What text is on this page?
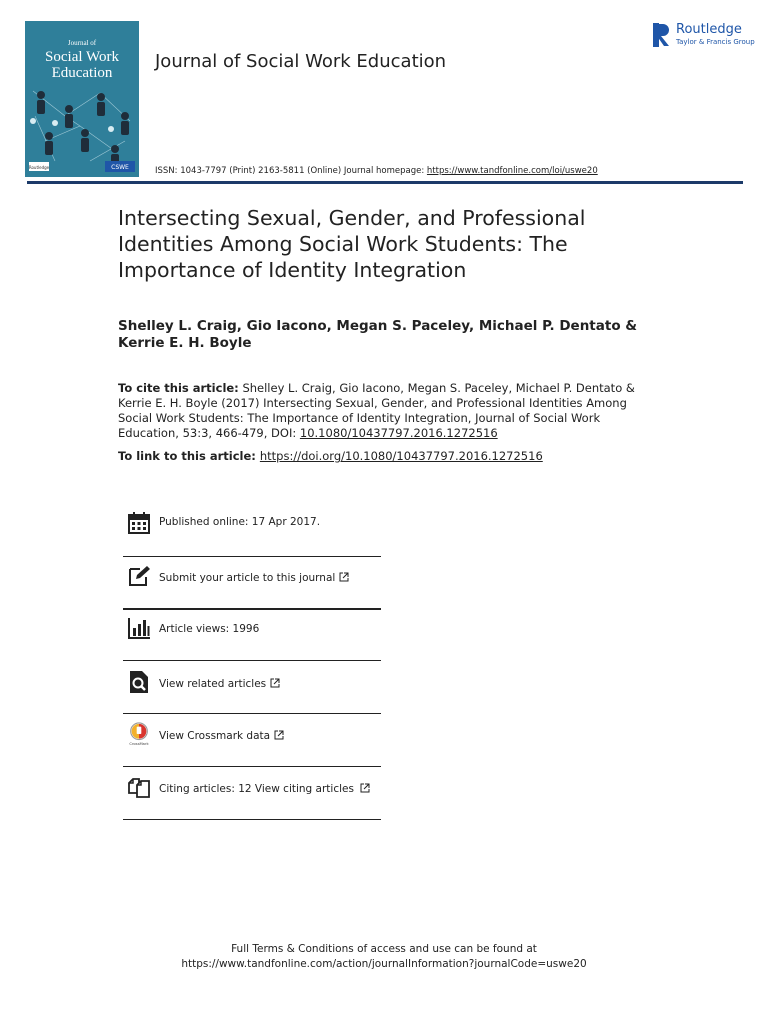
Journal of
Social Work
Education
Routledge	CSWE
Journal of Social Work Education
Routledge
Taylor & Francis Group
ISSN: 1043-7797 (Print) 2163-5811 (Online) Journal homepage: https://www.tandfonline.com/loi/uswe20
Intersecting Sexual, Gender, and Professional Identities Among Social Work Students: The Importance of Identity Integration
Shelley L. Craig, Gio Iacono, Megan S. Paceley, Michael P. Dentato & Kerrie E. H. Boyle
To cite this article: Shelley L. Craig, Gio Iacono, Megan S. Paceley, Michael P. Dentato & Kerrie E. H. Boyle (2017) Intersecting Sexual, Gender, and Professional Identities Among Social Work Students: The Importance of Identity Integration, Journal of Social Work Education, 53:3, 466-479, DOI: 10.1080/10437797.2016.1272516
To link to this article: https://doi.org/10.1080/10437797.2016.1272516
Published online: 17 Apr 2017.
Submit your article to this journal
Article views: 1996
View related articles
CrossMark
View Crossmark data
Citing articles: 12 View citing articles
Full Terms & Conditions of access and use can be found at
https://www.tandfonline.com/action/journalInformation?journalCode=uswe20
